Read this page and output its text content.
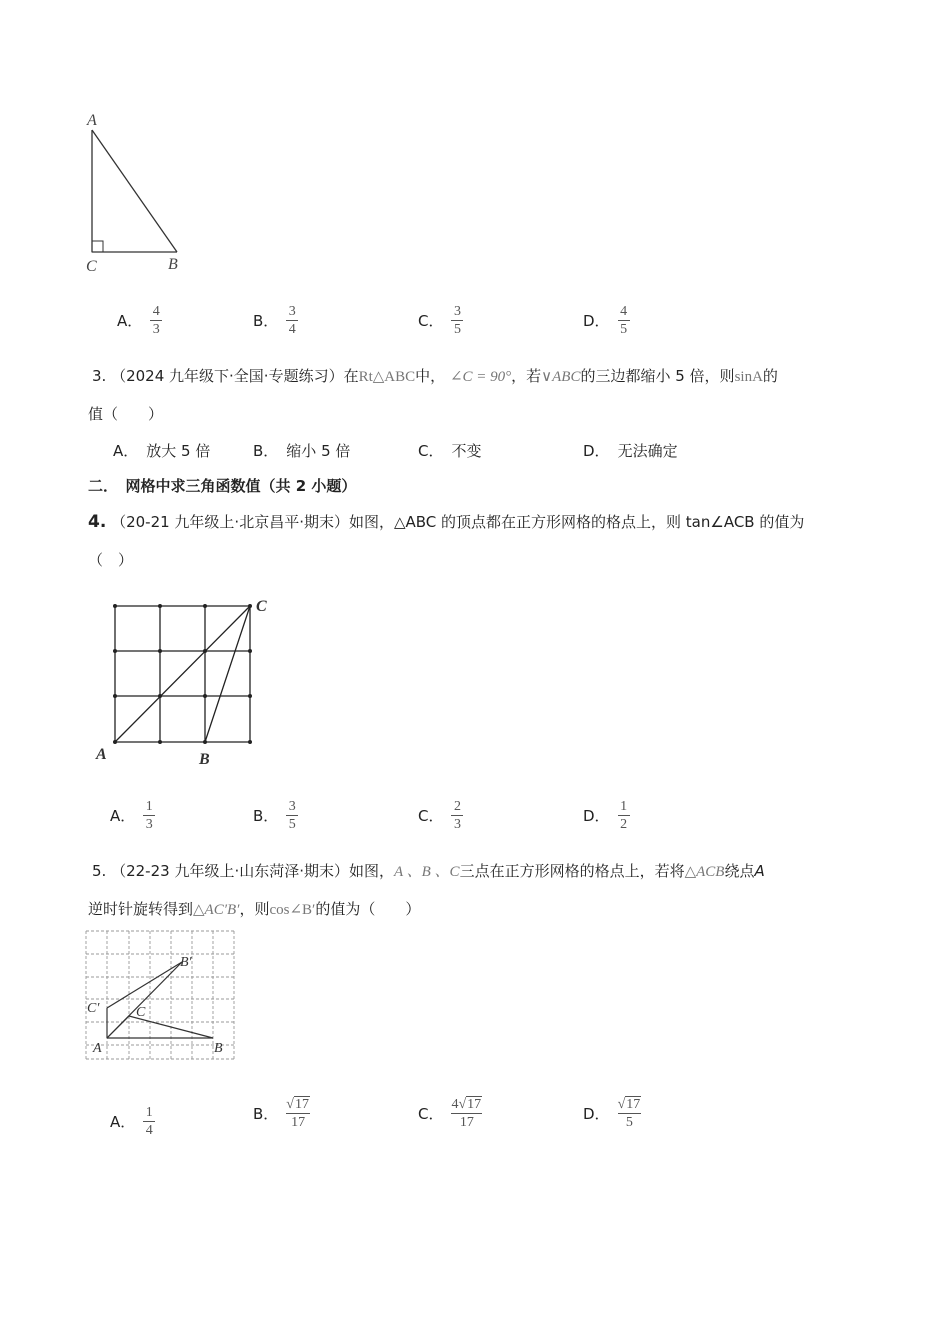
A
C	B
A． $\frac{4}{3}$	B． $\frac{3}{4}$	C． $\frac{3}{5}$	D． $\frac{4}{5}$
3. （2024 九年级下·全国·专题练习）在Rt△ABC中， ∠C = 90°，若∨ABC的三边都缩小 5 倍，则sinA的
值（　　）
A． 放大 5 倍	B． 缩小 5 倍	C． 不变	D． 无法确定
二．　网格中求三角函数值（共 2 小题）
4. （20-21 九年级上·北京昌平·期末）如图，△ABC 的顶点都在正方形网格的格点上，则 tan∠ACB 的值为
（　）
A	B
C
A． $\frac{1}{3}$	B． $\frac{3}{5}$	C． $\frac{2}{3}$	D． $\frac{1}{2}$
5. （22-23 九年级上·山东菏泽·期末）如图，A 、B 、C三点在正方形网格的格点上，若将△ACB绕点A
逆时针旋转得到△AC′B′，则cos∠B′的值为（　　）
A	B
C
B′
C′
A． $\frac{1}{4}$	B． $\frac{√17}{17}$	C． $\frac{4√17}{17}$	D． $\frac{√17}{5}$
